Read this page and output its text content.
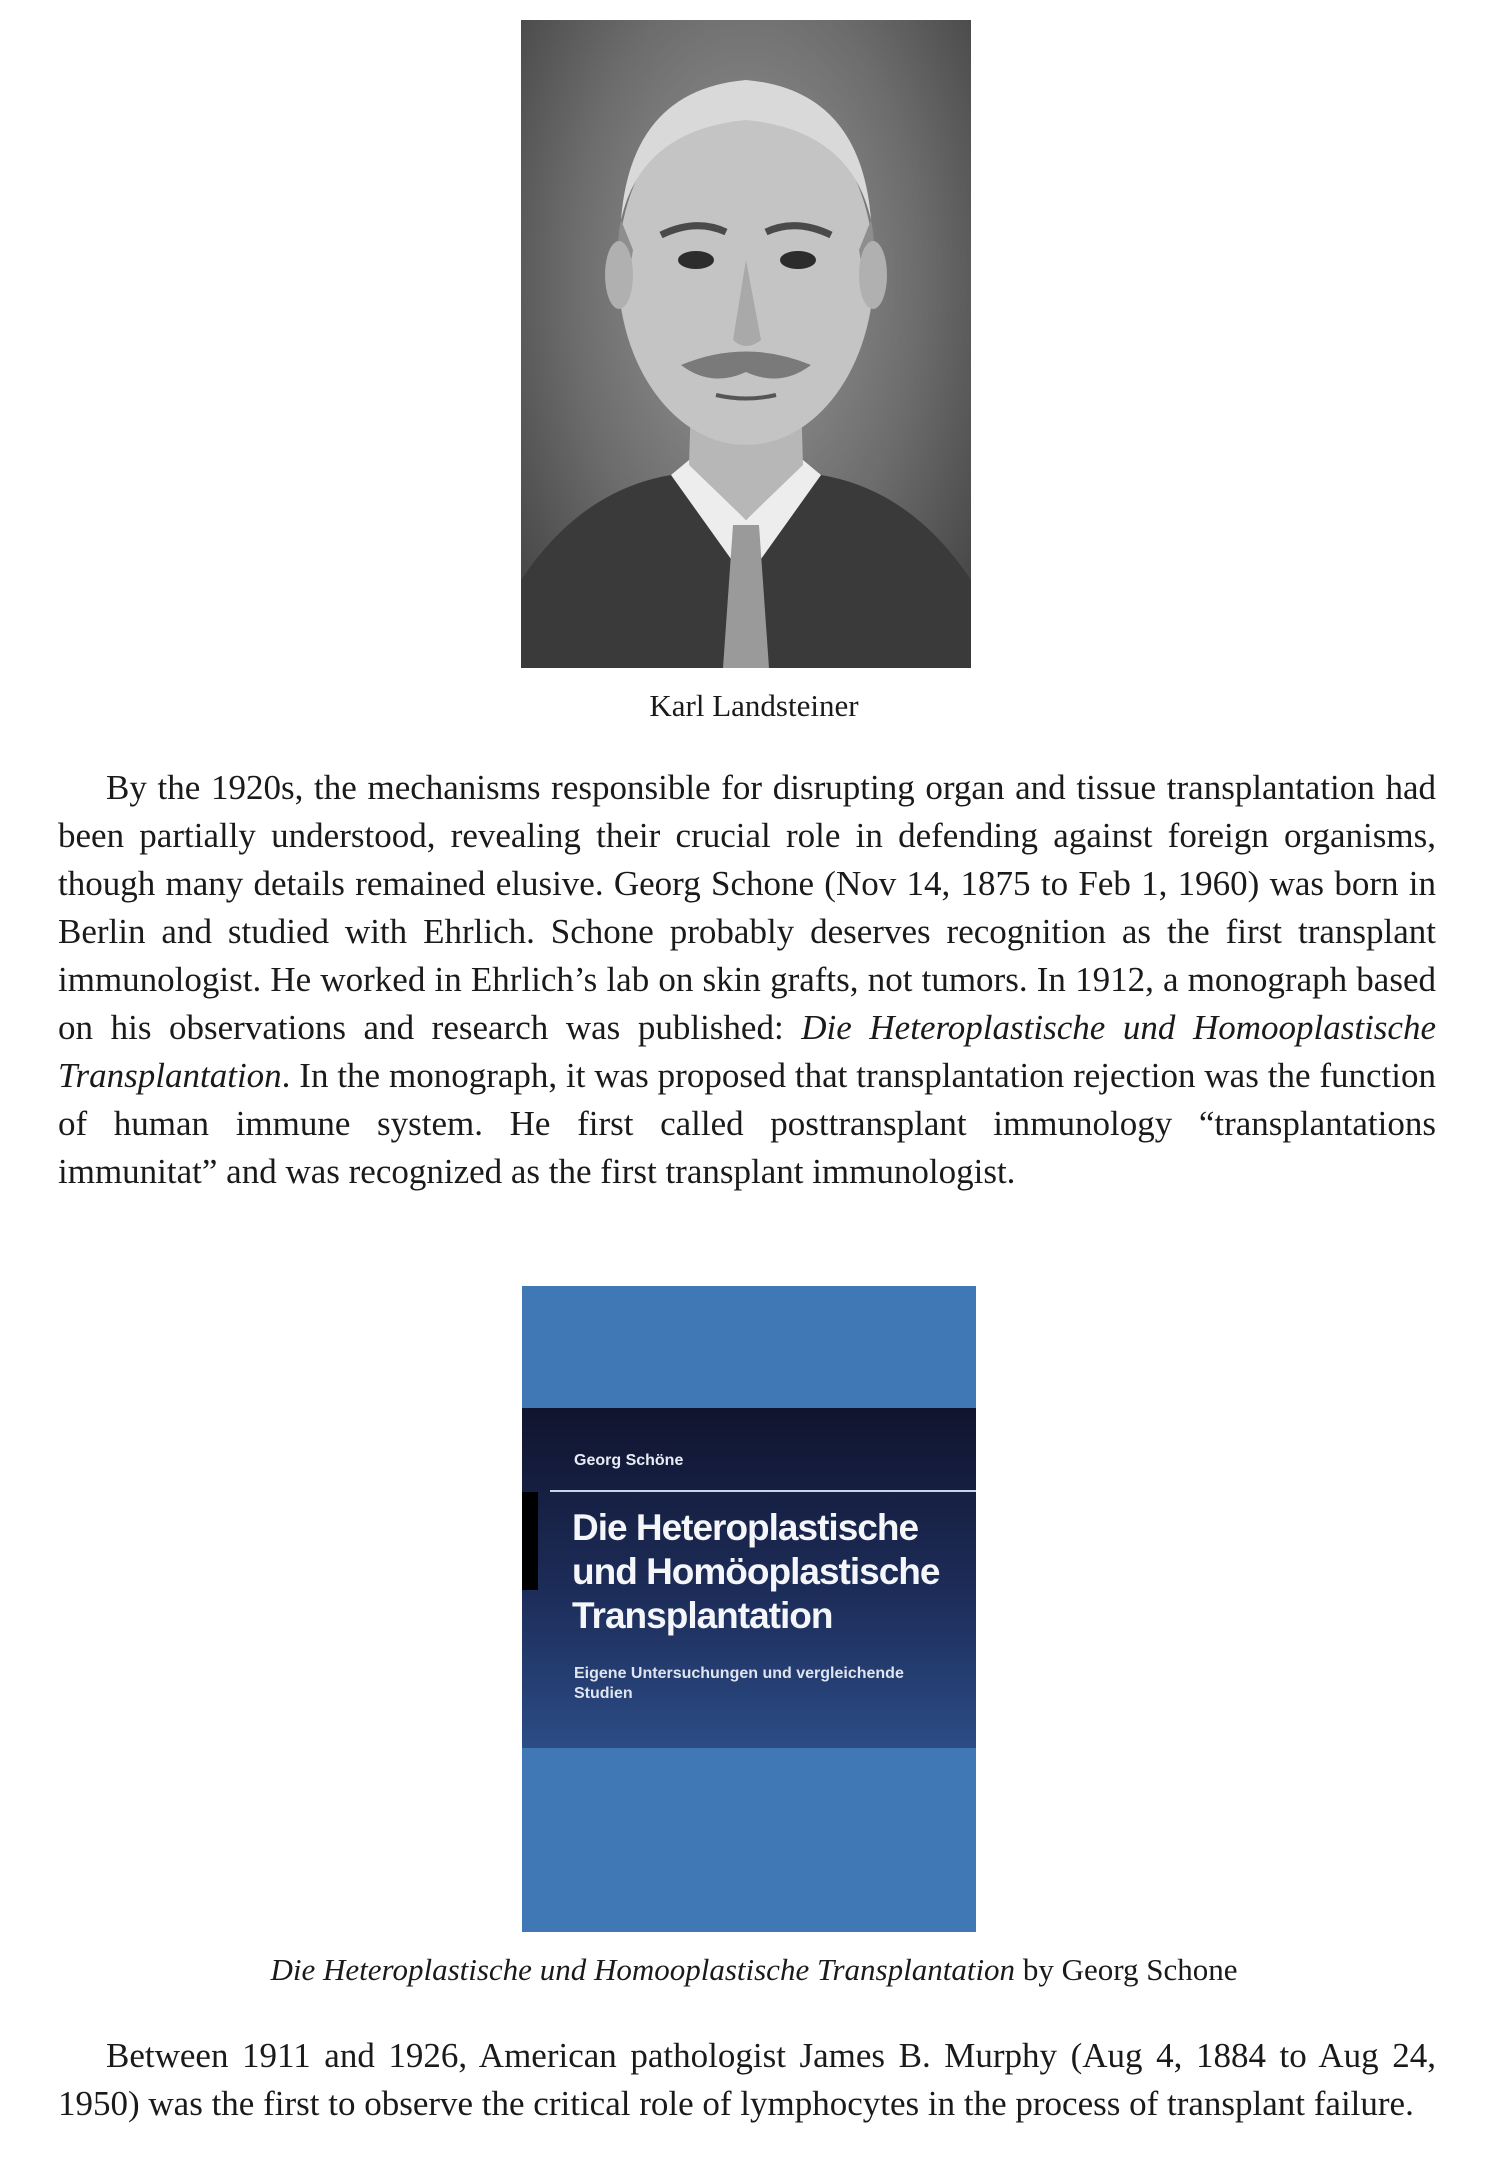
Karl Landsteiner

By the 1920s, the mechanisms responsible for disrupting organ and tissue transplantation had been partially understood, revealing their crucial role in defending against foreign organisms, though many details remained elusive. Georg Schone (Nov 14, 1875 to Feb 1, 1960) was born in Berlin and studied with Ehrlich. Schone probably deserves recognition as the first transplant immunologist. He worked in Ehrlich’s lab on skin grafts, not tumors. In 1912, a monograph based on his observations and research was published: Die Heteroplastische und Homooplastische Transplantation. In the monograph, it was proposed that transplantation rejection was the function of human immune system. He first called posttransplant immunology “transplantations immunitat” and was recognized as the first transplant immunologist.

Georg Schöne
Die Heteroplastische
und Homöoplastische
Transplantation
Eigene Untersuchungen und vergleichende Studien
Die Heteroplastische und Homooplastische Transplantation by Georg Schone

Between 1911 and 1926, American pathologist James B. Murphy (Aug 4, 1884 to Aug 24, 1950) was the first to observe the critical role of lymphocytes in the process of transplant failure.
